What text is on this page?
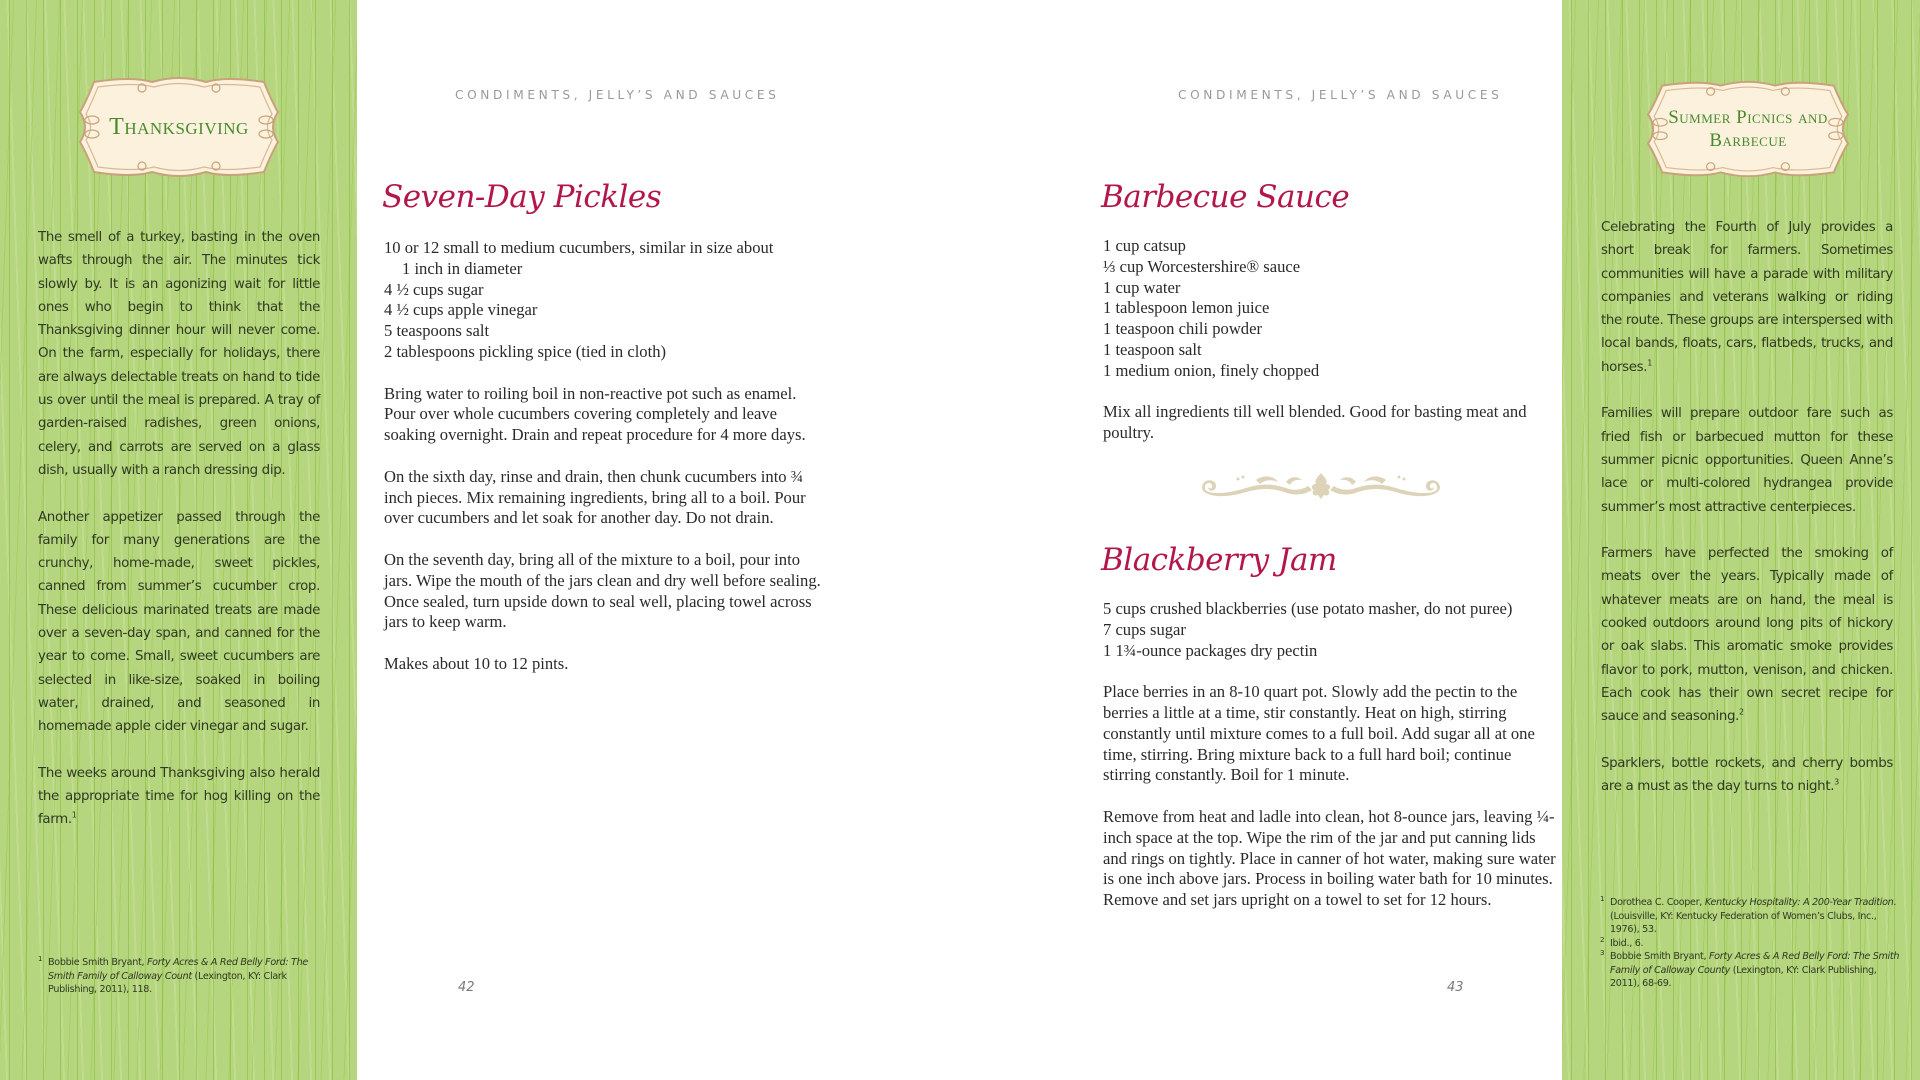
Thanksgiving

The smell of a turkey, basting in the oven wafts through the air. The minutes tick slowly by. It is an agonizing wait for little ones who begin to think that the Thanksgiving dinner hour will never come. On the farm, especially for holidays, there are always delectable treats on hand to tide us over until the meal is prepared. A tray of garden-raised radishes, green onions, celery, and carrots are served on a glass dish, usually with a ranch dressing dip.

Another appetizer passed through the family for many generations are the crunchy, home-made, sweet pickles, canned from summer’s cucumber crop. These delicious marinated treats are made over a seven-day span, and canned for the year to come. Small, sweet cucumbers are selected in like-size, soaked in boiling water, drained, and seasoned in homemade apple cider vinegar and sugar.

The weeks around Thanksgiving also herald the appropriate time for hog killing on the farm.$^1$

1 Bobbie Smith Bryant, Forty Acres & A Red Belly Ford: The Smith Family of Calloway Count (Lexington, KY: Clark Publishing, 2011), 118.
CONDIMENTS, JELLY’S AND SAUCES
Seven-Day Pickles

10 or 12 small to medium cucumbers, similar in size about

1 inch in diameter

4 ½ cups sugar

4 ½ cups apple vinegar

5 teaspoons salt

2 tablespoons pickling spice (tied in cloth)

Bring water to roiling boil in non-reactive pot such as enamel. Pour over whole cucumbers covering completely and leave soaking overnight. Drain and repeat procedure for 4 more days.

On the sixth day, rinse and drain, then chunk cucumbers into ¾ inch pieces. Mix remaining ingredients, bring all to a boil. Pour over cucumbers and let soak for another day. Do not drain.

On the seventh day, bring all of the mixture to a boil, pour into jars. Wipe the mouth of the jars clean and dry well before sealing. Once sealed, turn upside down to seal well, placing towel across jars to keep warm.

Makes about 10 to 12 pints.

42
CONDIMENTS, JELLY’S AND SAUCES
Barbecue Sauce

1 cup catsup

⅓ cup Worcestershire® sauce

1 cup water

1 tablespoon lemon juice

1 teaspoon chili powder

1 teaspoon salt

1 medium onion, finely chopped

Mix all ingredients till well blended. Good for basting meat and poultry.

Blackberry Jam

5 cups crushed blackberries (use potato masher, do not puree)

7 cups sugar

1 1¾-ounce packages dry pectin

Place berries in an 8-10 quart pot. Slowly add the pectin to the berries a little at a time, stir constantly. Heat on high, stirring constantly until mixture comes to a full boil. Add sugar all at one time, stirring. Bring mixture back to a full hard boil; continue stirring constantly. Boil for 1 minute.

Remove from heat and ladle into clean, hot 8-ounce jars, leaving ¼-inch space at the top. Wipe the rim of the jar and put canning lids and rings on tightly. Place in canner of hot water, making sure water is one inch above jars. Process in boiling water bath for 10 minutes. Remove and set jars upright on a towel to set for 12 hours.

43
Summer Picnics and Barbecue

Celebrating the Fourth of July provides a short break for farmers. Sometimes communities will have a parade with military companies and veterans walking or riding the route. These groups are interspersed with local bands, floats, cars, flatbeds, trucks, and horses.$^1$

Families will prepare outdoor fare such as fried fish or barbecued mutton for these summer picnic opportunities. Queen Anne’s lace or multi-colored hydrangea provide summer’s most attractive centerpieces.

Farmers have perfected the smoking of meats over the years. Typically made of whatever meats are on hand, the meal is cooked outdoors around long pits of hickory or oak slabs. This aromatic smoke provides flavor to pork, mutton, venison, and chicken. Each cook has their own secret recipe for sauce and seasoning.$^2$

Sparklers, bottle rockets, and cherry bombs are a must as the day turns to night.$^3$

1 Dorothea C. Cooper, Kentucky Hospitality: A 200-Year Tradition. (Louisville, KY: Kentucky Federation of Women’s Clubs, Inc., 1976), 53.
2 Ibid., 6.
3 Bobbie Smith Bryant, Forty Acres & A Red Belly Ford: The Smith Family of Calloway County (Lexington, KY: Clark Publishing, 2011), 68-69.
